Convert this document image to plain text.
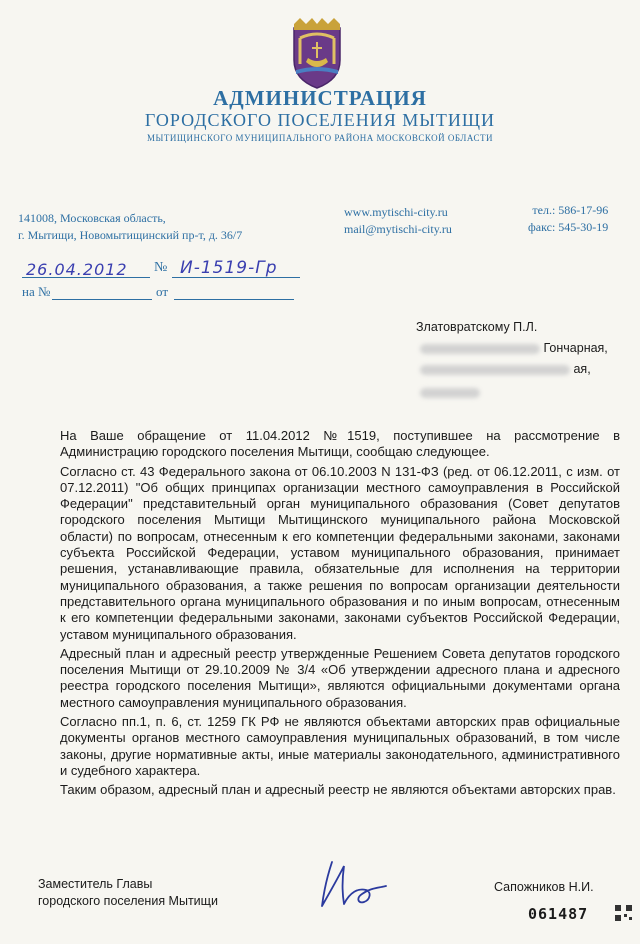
АДМИНИСТРАЦИЯ
ГОРОДСКОГО ПОСЕЛЕНИЯ МЫТИЩИ
МЫТИЩИНСКОГО МУНИЦИПАЛЬНОГО РАЙОНА МОСКОВСКОЙ ОБЛАСТИ
141008, Московская область,
г. Мытищи, Новомытищинский пр-т, д. 36/7
www.mytischi-city.ru
mail@mytischi-city.ru
тел.: 586-17-96
факс: 545-30-19
26.04.2012 № И-1519-Гр
на №	от
Златовратскому П.Л.
Гончарная,
ая,

На Ваше обращение от 11.04.2012 №1519, поступившее на рассмотрение в Администрацию городского поселения Мытищи, сообщаю следующее.

Согласно ст. 43 Федерального закона от 06.10.2003 N 131-ФЗ (ред. от 06.12.2011, с изм. от 07.12.2011) "Об общих принципах организации местного самоуправления в Российской Федерации" представительный орган муниципального образования (Совет депутатов городского поселения Мытищи Мытищинского муниципального района Московской области) по вопросам, отнесенным к его компетенции федеральными законами, законами субъекта Российской Федерации, уставом муниципального образования, принимает решения, устанавливающие правила, обязательные для исполнения на территории муниципального образования, а также решения по вопросам организации деятельности представительного органа муниципального образования и по иным вопросам, отнесенным к его компетенции федеральными законами, законами субъектов Российской Федерации, уставом муниципального образования.

Адресный план и адресный реестр утвержденные Решением Совета депутатов городского поселения Мытищи от 29.10.2009 № 3/4 «Об утверждении адресного плана и адресного реестра городского поселения Мытищи», являются официальными документами органа местного самоуправления муниципального образования.

Согласно пп.1, п. 6, ст. 1259 ГК РФ не являются объектами авторских прав официальные документы органов местного самоуправления муниципальных образований, в том числе законы, другие нормативные акты, иные материалы законодательного, административного и судебного характера.

Таким образом, адресный план и адресный реестр не являются объектами авторских прав.

Заместитель Главы
городского поселения Мытищи
Сапожников Н.И.
061487
